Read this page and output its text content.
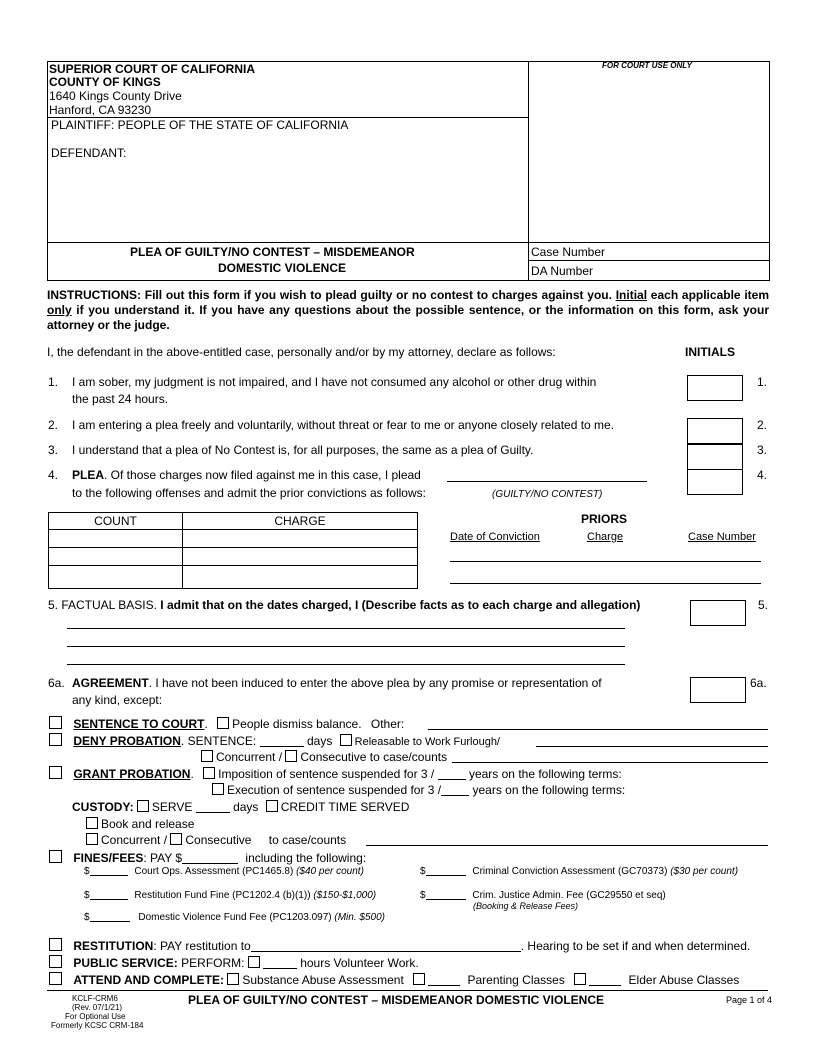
SUPERIOR COURT OF CALIFORNIA
COUNTY OF KINGS
1640 Kings County Drive
Hanford, CA 93230
FOR COURT USE ONLY
PLAINTIFF: PEOPLE OF THE STATE OF CALIFORNIA
DEFENDANT:
PLEA OF GUILTY/NO CONTEST – MISDEMEANOR
DOMESTIC VIOLENCE
Case Number
DA Number
INSTRUCTIONS: Fill out this form if you wish to plead guilty or no contest to charges against you. Initial each applicable item only if you understand it. If you have any questions about the possible sentence, or the information on this form, ask your attorney or the judge.
I, the defendant in the above-entitled case, personally and/or by my attorney, declare as follows:	INITIALS
1. I am sober, my judgment is not impaired, and I have not consumed any alcohol or other drug within
the past 24 hours.
1.
2. I am entering a plea freely and voluntarily, without threat or fear to me or anyone closely related to me.	2.
3. I understand that a plea of No Contest is, for all purposes, the same as a plea of Guilty.	3.
4. PLEA. Of those charges now filed against me in this case, I plead
to the following offenses and admit the prior convictions as follows:	(GUILTY/NO CONTEST)
4.
COUNT	CHARGE

		PRIORS
Date of Conviction	Charge	Case Number
5. FACTUAL BASIS. I admit that on the dates charged, I (Describe facts as to each charge and allegation)	5.
6a. AGREEMENT. I have not been induced to enter the above plea by any promise or representation of
any kind, except:
6a.
SENTENCE TO COURT. People dismiss balance. Other:
DENY PROBATION. SENTENCE:	days Releasable to Work Furlough/
Concurrent / Consecutive to case/counts
GRANT PROBATION. Imposition of sentence suspended for 3 /	years on the following terms:
Execution of sentence suspended for 3 /	years on the following terms:
CUSTODY: SERVE	days CREDIT TIME SERVED
Book and release
Concurrent / Consecutive to case/counts
FINES/FEES: PAY $	including the following:
$	Court Ops. Assessment (PC1465.8) ($40 per count)	$	Criminal Conviction Assessment (GC70373) ($30 per count)
$	Restitution Fund Fine (PC1202.4 (b)(1)) ($150-$1,000)	$	Crim. Justice Admin. Fee (GC29550 et seq)
(Booking & Release Fees)
$	Domestic Violence Fund Fee (PC1203.097) (Min. $500)
RESTITUTION: PAY restitution to	. Hearing to be set if and when determined.
PUBLIC SERVICE: PERFORM:	hours Volunteer Work.
ATTEND AND COMPLETE: Substance Abuse Assessment	Parenting Classes	Elder Abuse Classes
KCLF-CRM6
(Rev. 07/1/21)
For Optional Use
Formerly KCSC CRM-184
PLEA OF GUILTY/NO CONTEST – MISDEMEANOR DOMESTIC VIOLENCE	Page 1 of 4
